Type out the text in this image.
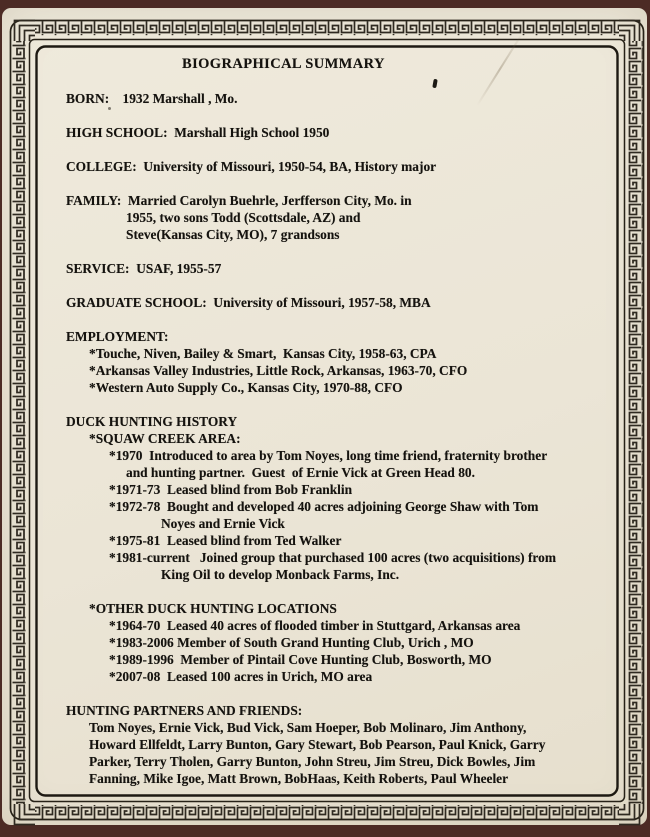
BIOGRAPHICAL SUMMARY
BORN:    1932 Marshall , Mo.
HIGH SCHOOL:  Marshall High School 1950
COLLEGE:  University of Missouri, 1950-54, BA, History major
FAMILY:  Married Carolyn Buehrle, Jerfferson City, Mo. in
1955, two sons Todd (Scottsdale, AZ) and
Steve(Kansas City, MO), 7 grandsons
SERVICE:  USAF, 1955-57
GRADUATE SCHOOL:  University of Missouri, 1957-58, MBA
EMPLOYMENT:
*Touche, Niven, Bailey & Smart,  Kansas City, 1958-63, CPA
*Arkansas Valley Industries, Little Rock, Arkansas, 1963-70, CFO
*Western Auto Supply Co., Kansas City, 1970-88, CFO
DUCK HUNTING HISTORY
*SQUAW CREEK AREA:
*1970  Introduced to area by Tom Noyes, long time friend, fraternity brother
and hunting partner.  Guest  of Ernie Vick at Green Head 80.
*1971-73  Leased blind from Bob Franklin
*1972-78  Bought and developed 40 acres adjoining George Shaw with Tom
Noyes and Ernie Vick
*1975-81  Leased blind from Ted Walker
*1981-current   Joined group that purchased 100 acres (two acquisitions) from
King Oil to develop Monback Farms, Inc.
*OTHER DUCK HUNTING LOCATIONS
*1964-70  Leased 40 acres of flooded timber in Stuttgard, Arkansas area
*1983-2006 Member of South Grand Hunting Club, Urich , MO
*1989-1996  Member of Pintail Cove Hunting Club, Bosworth, MO
*2007-08  Leased 100 acres in Urich, MO area
HUNTING PARTNERS AND FRIENDS:
Tom Noyes, Ernie Vick, Bud Vick, Sam Hoeper, Bob Molinaro, Jim Anthony,
Howard Ellfeldt, Larry Bunton, Gary Stewart, Bob Pearson, Paul Knick, Garry
Parker, Terry Tholen, Garry Bunton, John Streu, Jim Streu, Dick Bowles, Jim
Fanning, Mike Igoe, Matt Brown, BobHaas, Keith Roberts, Paul Wheeler
